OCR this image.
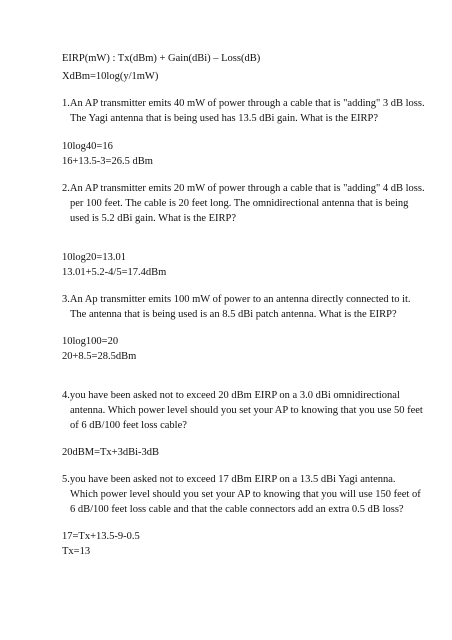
EIRP(mW) : Tx(dBm) + Gain(dBi) – Loss(dB)
XdBm=10log(y/1mW)
1.An AP transmitter emits 40 mW of power through a cable that is "adding" 3 dB loss.
The Yagi antenna that is being used has 13.5 dBi gain. What is the EIRP?
10log40=16
16+13.5-3=26.5 dBm
2.An AP transmitter emits 20 mW of power through a cable that is "adding" 4 dB loss.
per 100 feet. The cable is 20 feet long. The omnidirectional antenna that is being
used is 5.2 dBi gain. What is the EIRP?
10log20=13.01
13.01+5.2-4/5=17.4dBm
3.An Ap transmitter emits 100 mW of power to an antenna directly connected to it.
The antenna that is being used is an 8.5 dBi patch antenna. What is the EIRP?
10log100=20
20+8.5=28.5dBm
4.you have been asked not to exceed 20 dBm EIRP on a 3.0 dBi omnidirectional
antenna. Which power level should you set your AP to knowing that you use 50 feet
of 6 dB/100 feet loss cable?
20dBM=Tx+3dBi-3dB
5.you have been asked not to exceed 17 dBm EIRP on a 13.5 dBi Yagi antenna.
Which power level should you set your AP to knowing that you will use 150 feet of
6 dB/100 feet loss cable and that the cable connectors add an extra 0.5 dB loss?
17=Tx+13.5-9-0.5
Tx=13
